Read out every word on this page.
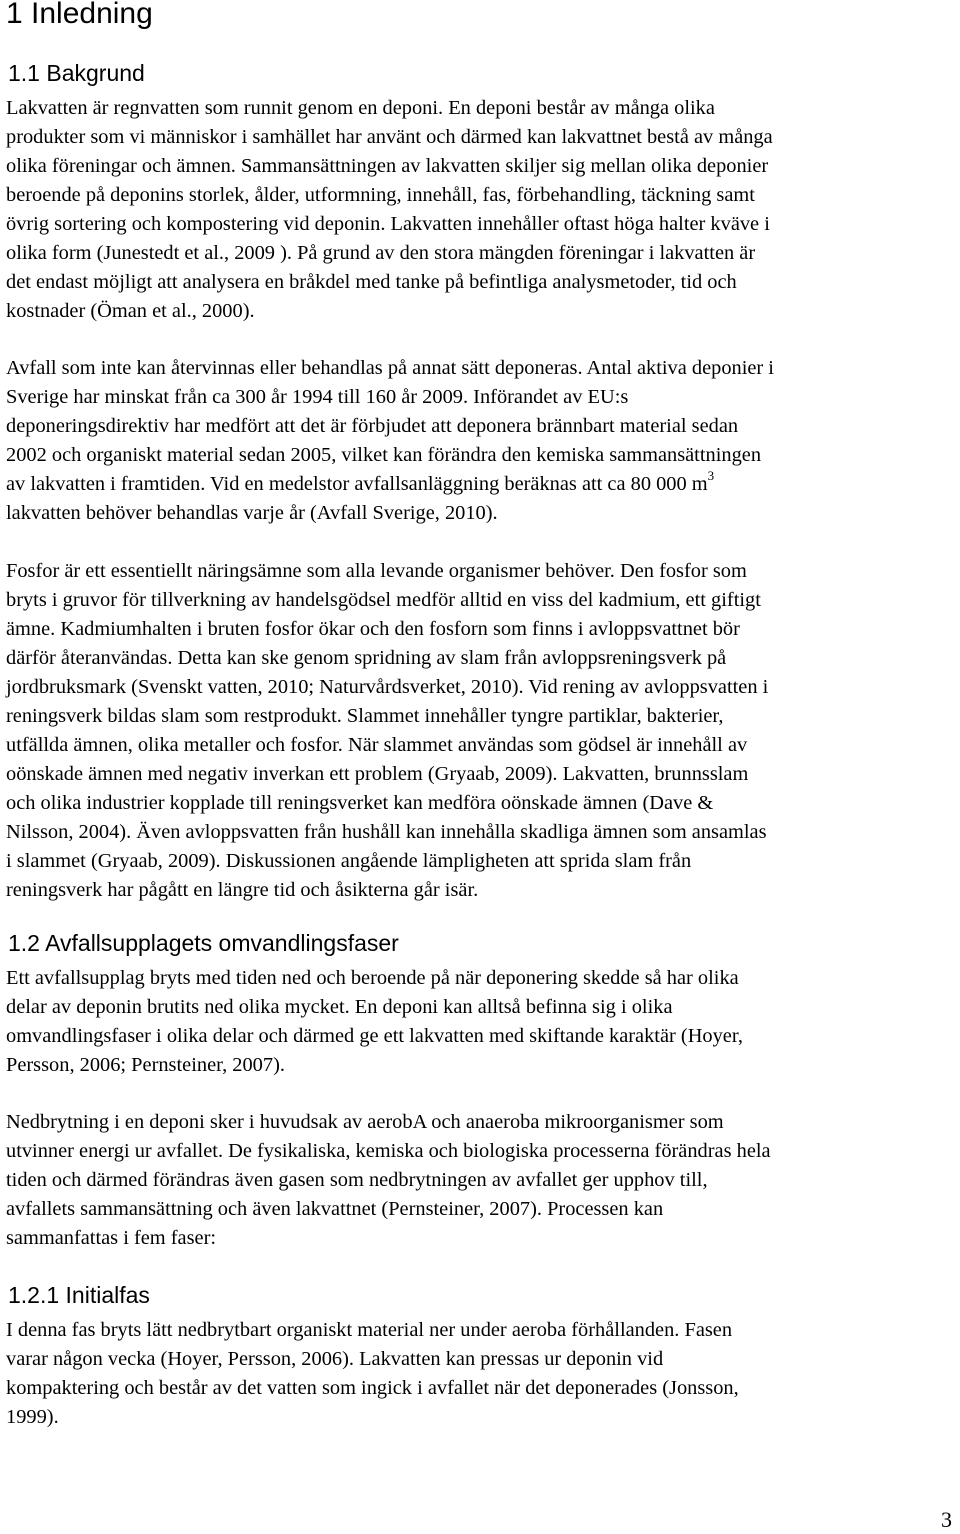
1 Inledning
1.1 Bakgrund

Lakvatten är regnvatten som runnit genom en deponi. En deponi består av många olika
produkter som vi människor i samhället har använt och därmed kan lakvattnet bestå av många
olika föreningar och ämnen. Sammansättningen av lakvatten skiljer sig mellan olika deponier
beroende på deponins storlek, ålder, utformning, innehåll, fas, förbehandling, täckning samt
övrig sortering och kompostering vid deponin. Lakvatten innehåller oftast höga halter kväve i
olika form (Junestedt et al., 2009 ). På grund av den stora mängden föreningar i lakvatten är
det endast möjligt att analysera en bråkdel med tanke på befintliga analysmetoder, tid och
kostnader (Öman et al., 2000).

Avfall som inte kan återvinnas eller behandlas på annat sätt deponeras. Antal aktiva deponier i
Sverige har minskat från ca 300 år 1994 till 160 år 2009. Införandet av EU:s
deponeringsdirektiv har medfört att det är förbjudet att deponera brännbart material sedan
2002 och organiskt material sedan 2005, vilket kan förändra den kemiska sammansättningen
av lakvatten i framtiden. Vid en medelstor avfallsanläggning beräknas att ca 80 000 $m^3$
lakvatten behöver behandlas varje år (Avfall Sverige, 2010).

Fosfor är ett essentiellt näringsämne som alla levande organismer behöver. Den fosfor som
bryts i gruvor för tillverkning av handelsgödsel medför alltid en viss del kadmium, ett giftigt
ämne. Kadmiumhalten i bruten fosfor ökar och den fosforn som finns i avloppsvattnet bör
därför återanvändas. Detta kan ske genom spridning av slam från avloppsreningsverk på
jordbruksmark (Svenskt vatten, 2010; Naturvårdsverket, 2010). Vid rening av avloppsvatten i
reningsverk bildas slam som restprodukt. Slammet innehåller tyngre partiklar, bakterier,
utfällda ämnen, olika metaller och fosfor. När slammet användas som gödsel är innehåll av
oönskade ämnen med negativ inverkan ett problem (Gryaab, 2009). Lakvatten, brunnsslam
och olika industrier kopplade till reningsverket kan medföra oönskade ämnen (Dave &
Nilsson, 2004). Även avloppsvatten från hushåll kan innehålla skadliga ämnen som ansamlas
i slammet (Gryaab, 2009). Diskussionen angående lämpligheten att sprida slam från
reningsverk har pågått en längre tid och åsikterna går isär.

1.2 Avfallsupplagets omvandlingsfaser

Ett avfallsupplag bryts med tiden ned och beroende på när deponering skedde så har olika
delar av deponin brutits ned olika mycket. En deponi kan alltså befinna sig i olika
omvandlingsfaser i olika delar och därmed ge ett lakvatten med skiftande karaktär (Hoyer,
Persson, 2006; Pernsteiner, 2007).

Nedbrytning i en deponi sker i huvudsak av aerobA och anaeroba mikroorganismer som
utvinner energi ur avfallet. De fysikaliska, kemiska och biologiska processerna förändras hela
tiden och därmed förändras även gasen som nedbrytningen av avfallet ger upphov till,
avfallets sammansättning och även lakvattnet (Pernsteiner, 2007). Processen kan
sammanfattas i fem faser:

1.2.1 Initialfas

I denna fas bryts lätt nedbrytbart organiskt material ner under aeroba förhållanden. Fasen
varar någon vecka (Hoyer, Persson, 2006). Lakvatten kan pressas ur deponin vid
kompaktering och består av det vatten som ingick i avfallet när det deponerades (Jonsson,
1999).

3
